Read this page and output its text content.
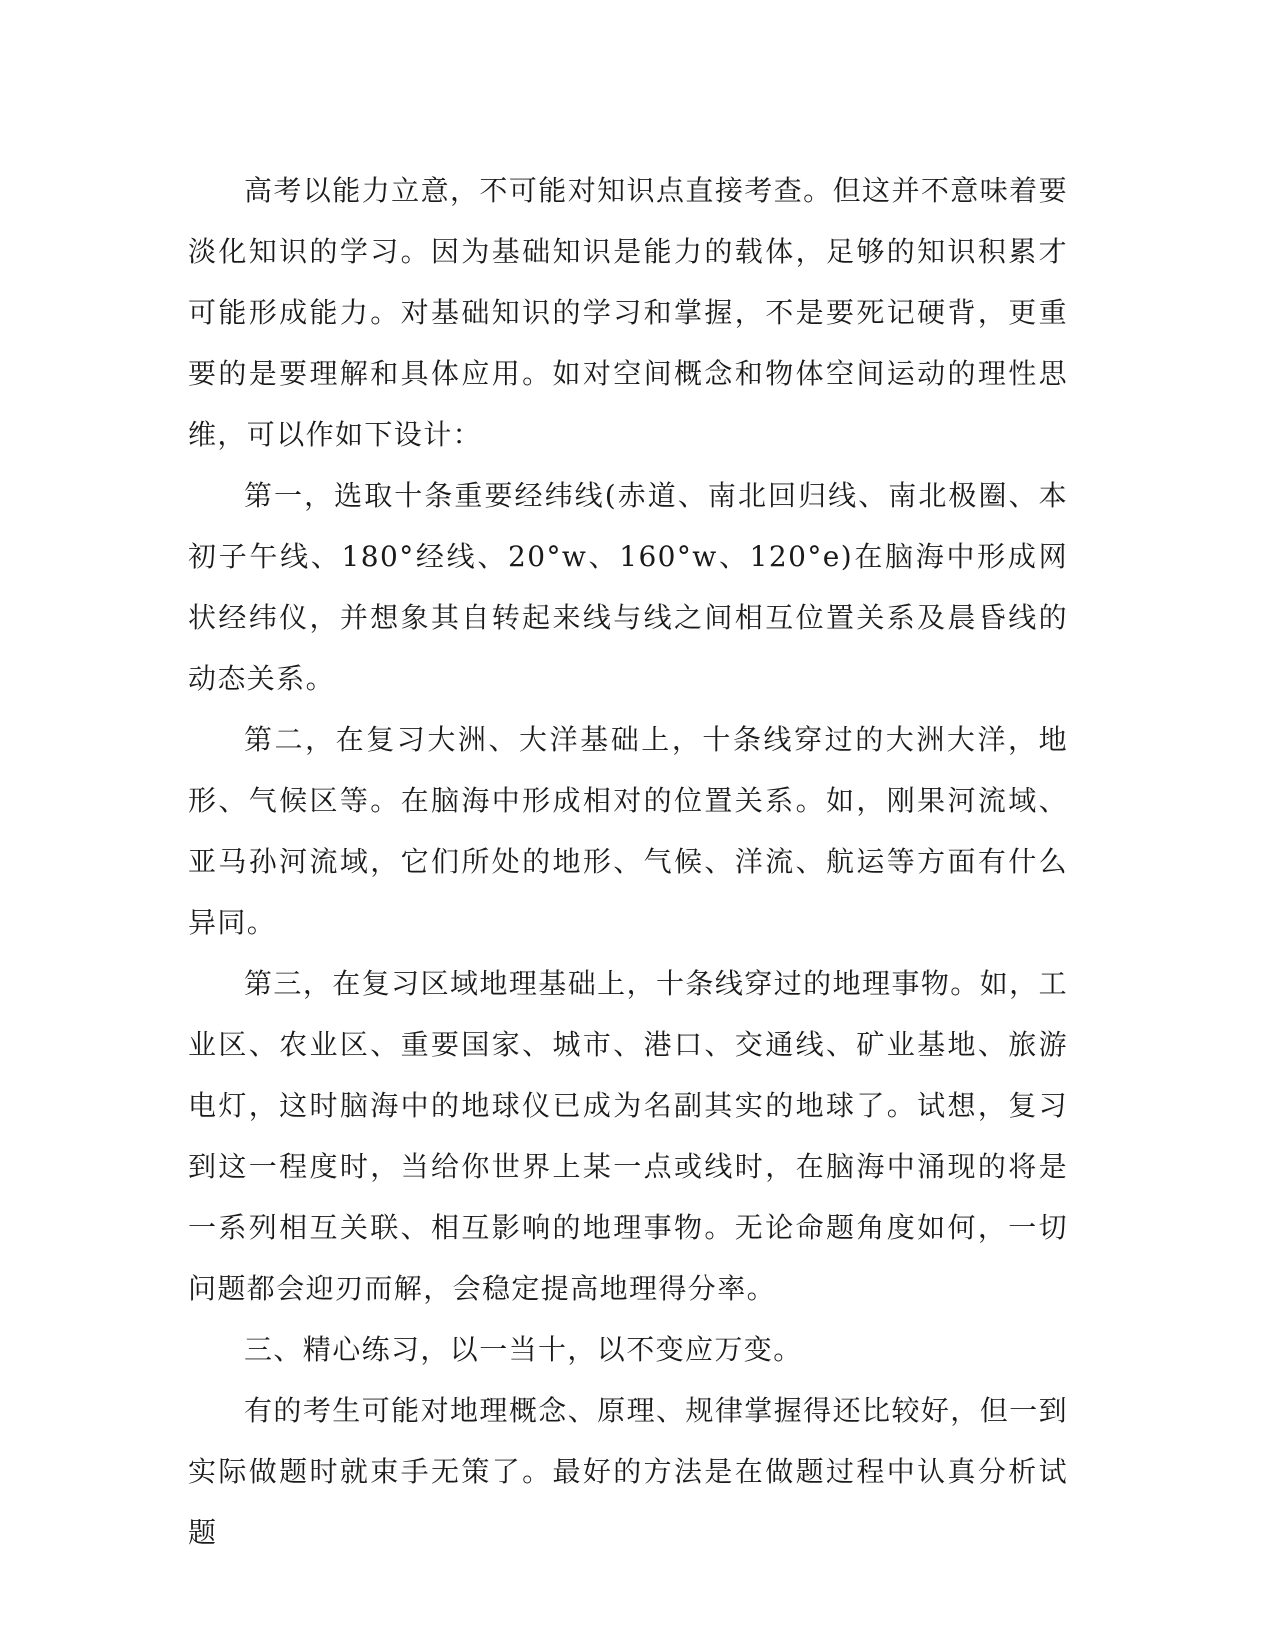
高考以能力立意，不可能对知识点直接考查。但这并不意味着要淡化知识的学习。因为基础知识是能力的载体，足够的知识积累才可能形成能力。对基础知识的学习和掌握，不是要死记硬背，更重要的是要理解和具体应用。如对空间概念和物体空间运动的理性思维，可以作如下设计：

第一，选取十条重要经纬线(赤道、南北回归线、南北极圈、本初子午线、180°经线、20°w、160°w、120°e)在脑海中形成网状经纬仪，并想象其自转起来线与线之间相互位置关系及晨昏线的动态关系。

第二，在复习大洲、大洋基础上，十条线穿过的大洲大洋，地形、气候区等。在脑海中形成相对的位置关系。如，刚果河流域、亚马孙河流域，它们所处的地形、气候、洋流、航运等方面有什么异同。

第三，在复习区域地理基础上，十条线穿过的地理事物。如，工业区、农业区、重要国家、城市、港口、交通线、矿业基地、旅游电灯，这时脑海中的地球仪已成为名副其实的地球了。试想，复习到这一程度时，当给你世界上某一点或线时，在脑海中涌现的将是一系列相互关联、相互影响的地理事物。无论命题角度如何，一切问题都会迎刃而解，会稳定提高地理得分率。

三、精心练习，以一当十，以不变应万变。

有的考生可能对地理概念、原理、规律掌握得还比较好，但一到实际做题时就束手无策了。最好的方法是在做题过程中认真分析试题
